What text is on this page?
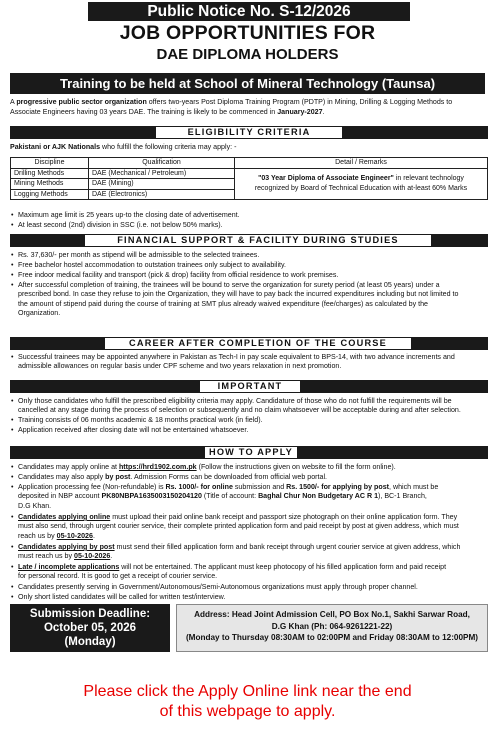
Public Notice No. S-12/2026
JOB OPPORTUNITIES FOR
DAE DIPLOMA HOLDERS
Training to be held at School of Mineral Technology (Taunsa)
A progressive public sector organization offers two-years Post Diploma Training Program (PDTP) in Mining, Drilling & Logging Methods to
Associate Engineers having 03 years DAE. The training is likely to be commenced in January-2027.
ELIGIBILITY CRITERIA
Pakistani or AJK Nationals who fulfill the following criteria may apply: -
Discipline	Qualification	Detail / Remarks
Drilling Methods	DAE (Mechanical / Petroleum)	"03 Year Diploma of Associate Engineer" in relevant technology
recognized by Board of Technical Education with at-least 60% Marks
Mining Methods	DAE (Mining)	
Logging Methods	DAE (Electronics)	
• Maximum age limit is 25 years up-to the closing date of advertisement.
• At least second (2nd) division in SSC (i.e. not below 50% marks).
FINANCIAL SUPPORT & FACILITY DURING STUDIES
• Rs. 37,630/- per month as stipend will be admissible to the selected trainees.
• Free bachelor hostel accommodation to outstation trainees only subject to availability.
• Free indoor medical facility and transport (pick & drop) facility from official residence to work premises.
• After successful completion of training, the trainees will be bound to serve the organization for surety period (at least 05 years) under a
prescribed bond. In case they refuse to join the Organization, they will have to pay back the incurred expenditures including but not limited to
the amount of stipend paid during the course of training at SMT plus already waived expenditure (fee/charges) as calculated by the
Organization.
CAREER AFTER COMPLETION OF THE COURSE
• Successful trainees may be appointed anywhere in Pakistan as Tech-I in pay scale equivalent to BPS-14, with two advance increments and
admissible allowances on regular basis under CPF scheme and two years relaxation in next promotion.
IMPORTANT
• Only those candidates who fulfill the prescribed eligibility criteria may apply. Candidature of those who do not fulfill the requirements will be
cancelled at any stage during the process of selection or subsequently and no claim whatsoever will be acceptable during and after selection.
• Training consists of 06 months academic & 18 months practical work (in field).
• Application received after closing date will not be entertained whatsoever.
HOW TO APPLY
• Candidates may apply online at https://hrd1902.com.pk (Follow the instructions given on website to fill the form online).
• Candidates may also apply by post. Admission Forms can be downloaded from official web portal.
• Application processing fee (Non-refundable) is Rs. 1000/- for online submission and Rs. 1500/- for applying by post, which must be
deposited in NBP account PK80NBPA1635003150204120 (Title of account: Baghal Chur Non Budgetary AC R 1), BC-1 Branch,
D.G Khan.
• Candidates applying online must upload their paid online bank receipt and passport size photograph on their online application form. They
must also send, through urgent courier service, their complete printed application form and paid receipt by post at given address, which must
reach us by 05-10-2026.
• Candidates applying by post must send their filled application form and bank receipt through urgent courier service at given address, which
must reach us by 05-10-2026.
• Late / incomplete applications will not be entertained. The applicant must keep photocopy of his filled application form and paid receipt
for personal record. It is good to get a receipt of courier service.
• Candidates presently serving in Government/Autonomous/Semi-Autonomous organizations must apply through proper channel.
• Only short listed candidates will be called for written test/interview.
Submission Deadline:
October 05, 2026
(Monday)
Address: Head Joint Admission Cell, PO Box No.1, Sakhi Sarwar Road,
D.G Khan (Ph: 064-9261221-22)
(Monday to Thursday 08:30AM to 02:00PM and Friday 08:30AM to 12:00PM)
Please click the Apply Online link near the end
of this webpage to apply.
